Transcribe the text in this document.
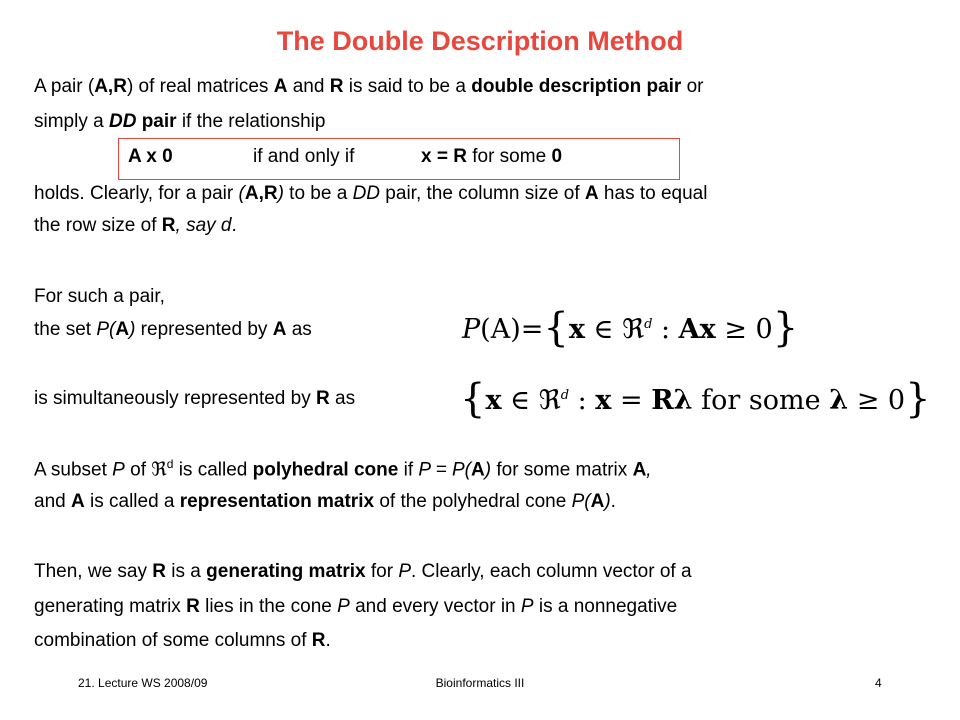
The Double Description Method
A pair (A,R) of real matrices A and R is said to be a double description pair or
simply a DD pair if the relationship
A x 0	if and only if	x = R for some 0
holds. Clearly, for a pair (A,R) to be a DD pair, the column size of A has to equal
the row size of R, say d.
For such a pair,
the set P(A) represented by A as
is simultaneously represented by R as
P(A)={x ∈ ℜ$^d$ : Ax ≥ 0}
{x ∈ ℜ$^d$ : x = Rλ for some λ ≥ 0}
A subset P of ℜ$^d$ is called polyhedral cone if P = P(A) for some matrix A,
and A is called a representation matrix of the polyhedral cone P(A).
Then, we say R is a generating matrix for P. Clearly, each column vector of a
generating matrix R lies in the cone P and every vector in P is a nonnegative
combination of some columns of R.
21. Lecture WS 2008/09	Bioinformatics III	4
